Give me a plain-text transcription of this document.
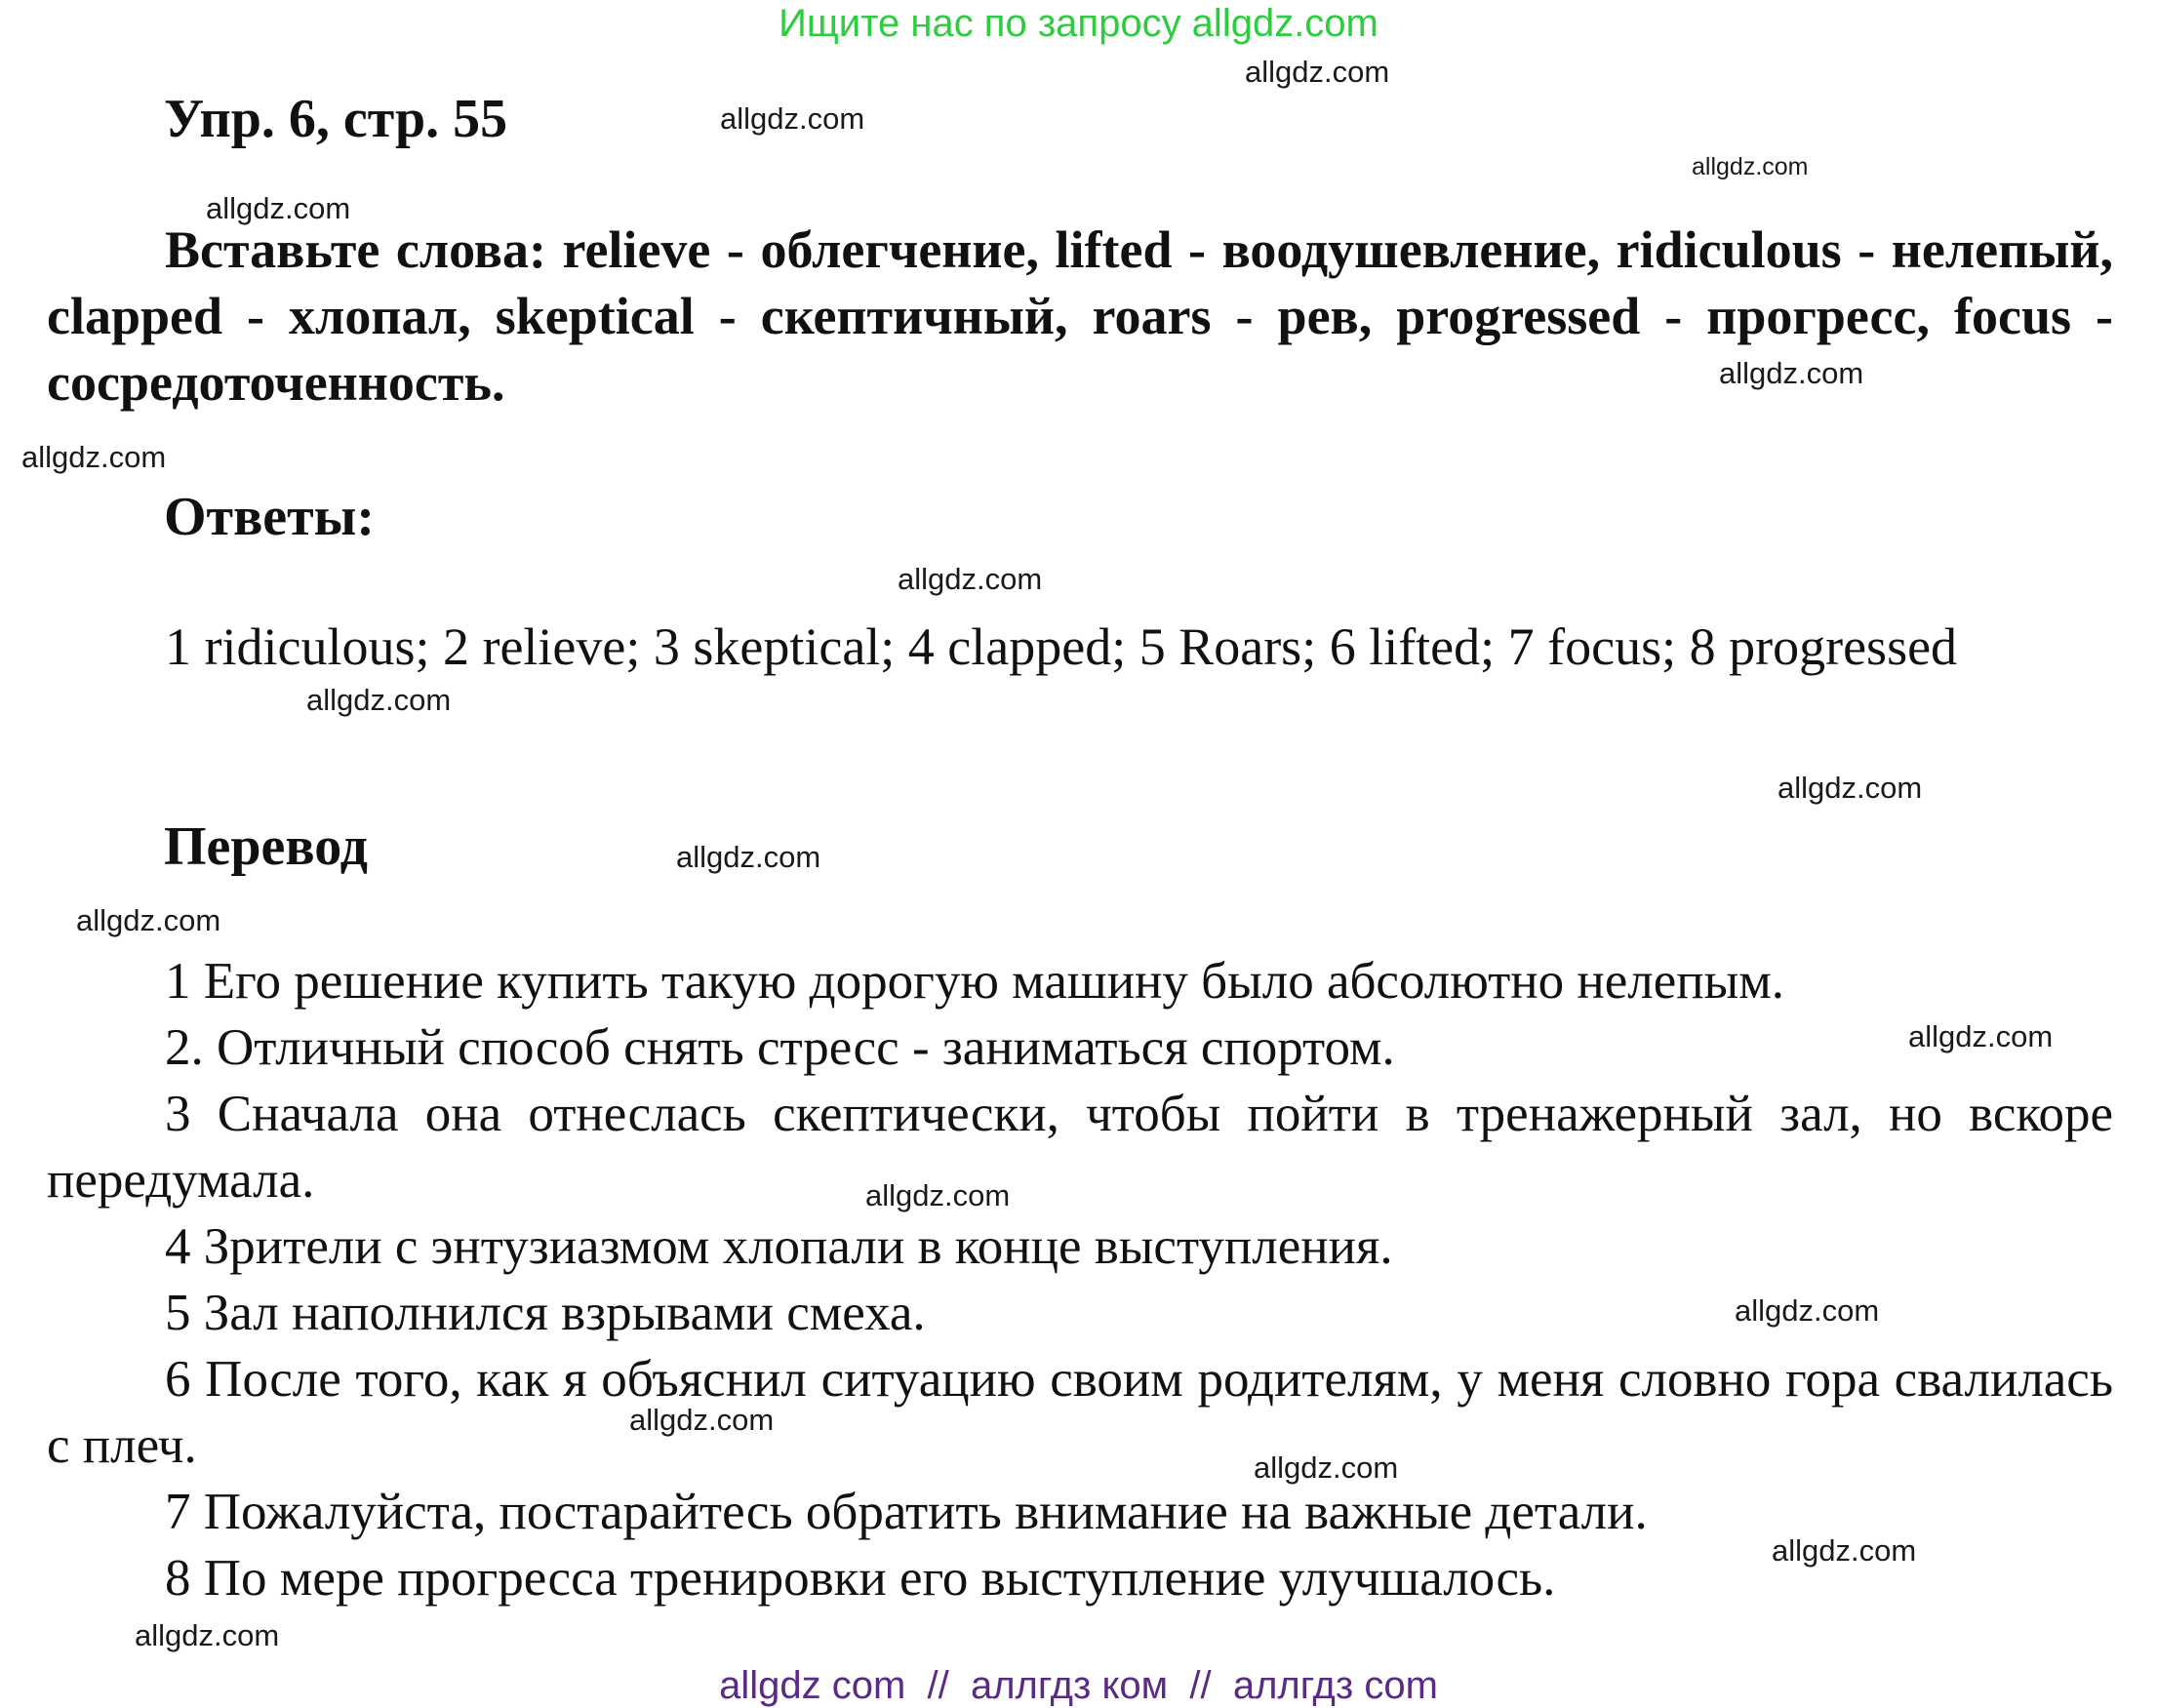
Ищите нас по запросу allgdz.com
Упр. 6, стр. 55
Вставьте слова: relieve - облегчение, lifted - воодушевление, ridiculous - нелепый, clapped - хлопал, skeptical - скептичный, roars - рев, progressed - прогресс, focus - сосредоточенность.
Ответы:
1 ridiculous; 2 relieve; 3 skeptical; 4 clapped; 5 Roars; 6 lifted; 7 focus; 8 progressed
Перевод
1 Его решение купить такую дорогую машину было абсолютно нелепым.
2. Отличный способ снять стресс - заниматься спортом.
3 Сначала она отнеслась скептически, чтобы пойти в тренажерный зал, но вскоре передумала.
4 Зрители с энтузиазмом хлопали в конце выступления.
5 Зал наполнился взрывами смеха.
6 После того, как я объяснил ситуацию своим родителям, у меня словно гора свалилась с плеч.
7 Пожалуйста, постарайтесь обратить внимание на важные детали.
8 По мере прогресса тренировки его выступление улучшалось.
allgdz.com
allgdz.com
allgdz.com
allgdz.com
allgdz.com
allgdz.com
allgdz.com
allgdz.com
allgdz.com
allgdz.com
allgdz.com
allgdz.com
allgdz.com
allgdz.com
allgdz.com
allgdz.com
allgdz.com
allgdz.com
allgdz com  //  аллгдз ком  //  аллгдз com
